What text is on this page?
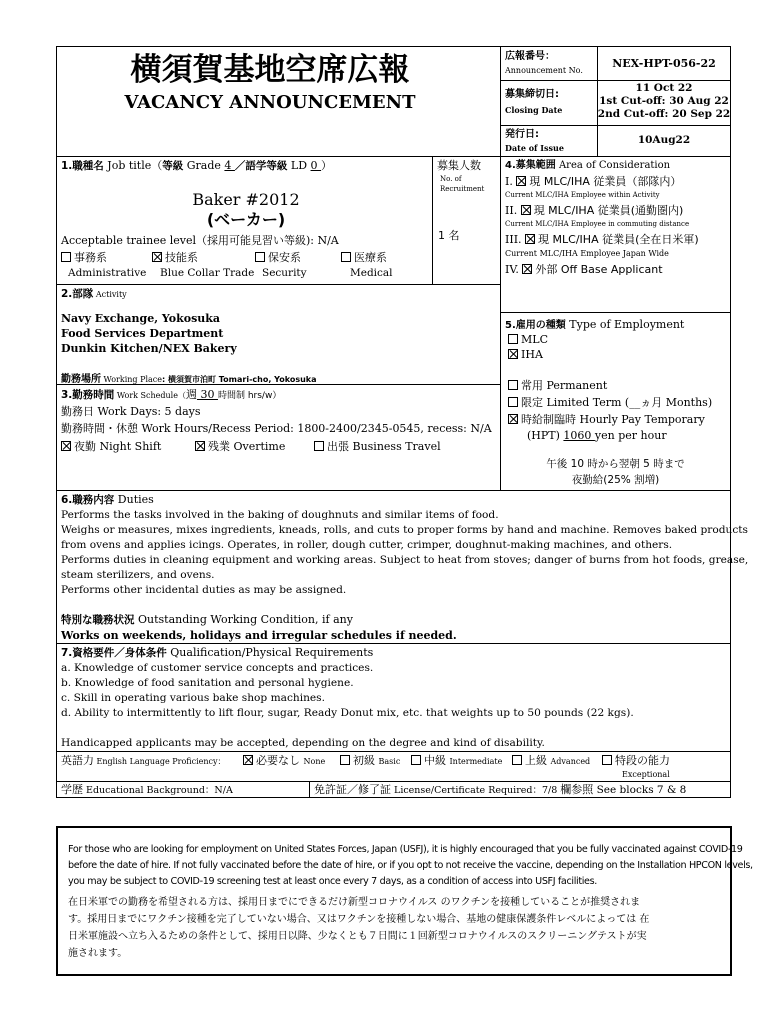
横須賀基地空席広報
VACANCY ANNOUNCEMENT
広報番号：
Announcement No.
NEX-HPT-056-22
募集締切日:
Closing Date
11 Oct 22
1st Cut-off: 30 Aug 22
2nd Cut-off: 20 Sep 22
発行日:
Date of Issue
10Aug22
1.職種名 Job title（等級 Grade 4 ／語学等級 LD 0 ）
Baker #2012
(ベーカー)
Acceptable trainee level（採用可能見習い等級): N/A
事務系	技能系	保安系	医療系
Administrative Blue Collar Trade Security	Medical
募集人数
No. of
Recruitment
1 名
4.募集範囲 Area of Consideration
I. 現 MLC/IHA 従業員（部隊内）
Current MLC/IHA Employee within Activity
II. 現 MLC/IHA 従業員(通勤圏内)
Current MLC/IHA Employee in commuting distance
III. 現 MLC/IHA 従業員(全在日米軍)
Current MLC/IHA Employee Japan Wide
IV. 外部 Off Base Applicant
2.部隊 Activity
Navy Exchange, Yokosuka
Food Services Department
Dunkin Kitchen/NEX Bakery
勤務場所 Working Place: 横須賀市泊町 Tomari-cho, Yokosuka
3.勤務時間 Work Schedule（週 30 時間制 hrs/w）
勤務日 Work Days: 5 days
勤務時間・休憩 Work Hours/Recess Period: 1800-2400/2345-0545, recess: N/A
夜勤 Night Shift	残業 Overtime	出張 Business Travel
5.雇用の種類 Type of Employment
MLC
IHA
常用 Permanent
限定 Limited Term (__ヵ月 Months)
時給制臨時 Hourly Pay Temporary
(HPT) 1060 yen per hour
午後 10 時から翌朝 5 時まで
夜勤給(25% 割増)
6.職務内容 Duties
Performs the tasks involved in the baking of doughnuts and similar items of food.
Weighs or measures, mixes ingredients, kneads, rolls, and cuts to proper forms by hand and machine. Removes baked products
from ovens and applies icings. Operates, in roller, dough cutter, crimper, doughnut-making machines, and others.
Performs duties in cleaning equipment and working areas. Subject to heat from stoves; danger of burns from hot foods, grease,
steam sterilizers, and ovens.
Performs other incidental duties as may be assigned.
特別な職務状況 Outstanding Working Condition, if any
Works on weekends, holidays and irregular schedules if needed.
7.資格要件／身体条件 Qualification/Physical Requirements
a. Knowledge of customer service concepts and practices.
b. Knowledge of food sanitation and personal hygiene.
c. Skill in operating various bake shop machines.
d. Ability to intermittently to lift flour, sugar, Ready Donut mix, etc. that weights up to 50 pounds (22 kgs).
Handicapped applicants may be accepted, depending on the degree and kind of disability.
英語力 English Language Proficiency：	必要なし None	初級 Basic	中級 Intermediate	上級 Advanced	特段の能力
Exceptional
学歴 Educational Background：N/A	免許証／修了証 License/Certificate Required：7/8 欄参照 See blocks 7 & 8
For those who are looking for employment on United States Forces, Japan (USFJ), it is highly encouraged that you be fully vaccinated against COVID-19
before the date of hire. If not fully vaccinated before the date of hire, or if you opt to not receive the vaccine, depending on the Installation HPCON levels,
you may be subject to COVID-19 screening test at least once every 7 days, as a condition of access into USFJ facilities.
在日米軍での勤務を希望される方は、採用日までにできるだけ新型コロナウイルス のワクチンを接種していることが推奨されま
す。採用日までにワクチン接種を完了していない場合、又はワクチンを接種しない場合、基地の健康保護条件レベルによっては 在
日米軍施設へ立ち入るための条件として、採用日以降、少なくとも７日間に１回新型コロナウイルスのスクリーニングテストが実
施されます。
